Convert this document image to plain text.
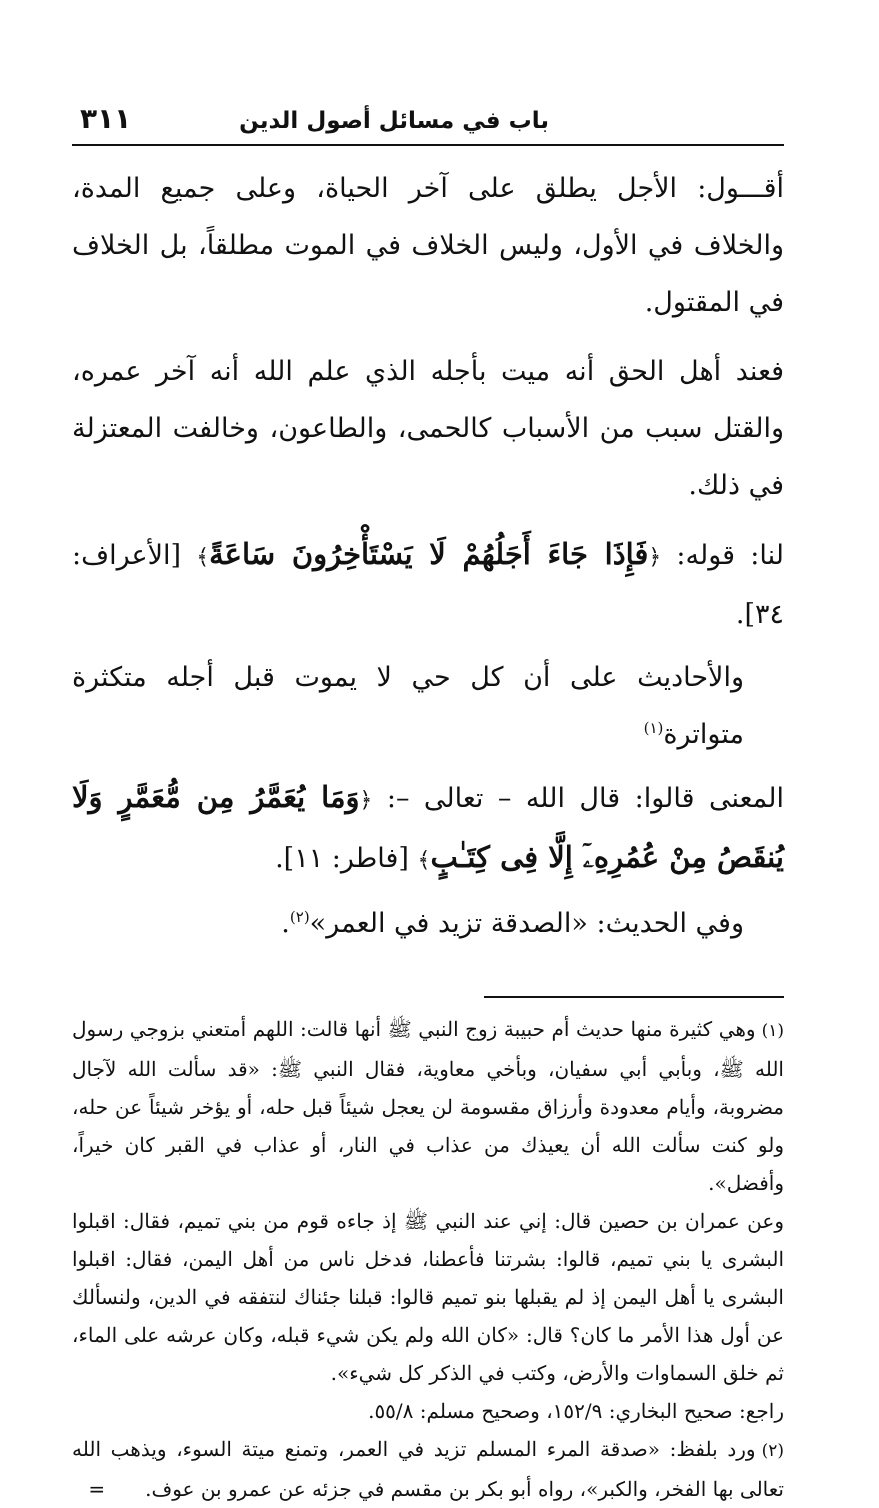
باب في مسائل أصول الدين
٣١١

أقـــول: الأجل يطلق على آخر الحياة، وعلى جميع المدة، والخلاف في الأول، وليس الخلاف في الموت مطلقاً، بل الخلاف في المقتول.

فعند أهل الحق أنه ميت بأجله الذي علم الله أنه آخر عمره، والقتل سبب من الأسباب كالحمى، والطاعون، وخالفت المعتزلة في ذلك.

لنا: قوله: ﴿فَإِذَا جَاءَ أَجَلُهُمْ لَا يَسْتَأْخِرُونَ سَاعَةً﴾ [الأعراف: ٣٤].

والأحاديث على أن كل حي لا يموت قبل أجله متكثرة متواترة$^{(١)}$

المعنى قالوا: قال الله – تعالى –: ﴿وَمَا يُعَمَّرُ مِن مُّعَمَّرٍ وَلَا يُنقَصُ مِنْ عُمُرِهِۦٓ إِلَّا فِى كِتَـٰبٍ﴾ [فاطر: ١١].

وفي الحديث: «الصدقة تزيد في العمر»$^{(٢)}$.

(١)وهي كثيرة منها حديث أم حبيبة زوج النبي ﷺ أنها قالت: اللهم أمتعني بزوجي رسول الله ﷺ، وبأبي أبي سفيان، وبأخي معاوية، فقال النبي ﷺ: «قد سألت الله لآجال مضروبة، وأيام معدودة وأرزاق مقسومة لن يعجل شيئاً قبل حله، أو يؤخر شيئاً عن حله، ولو كنت سألت الله أن يعيذك من عذاب في النار، أو عذاب في القبر كان خيراً، وأفضل».

وعن عمران بن حصين قال: إني عند النبي ﷺ إذ جاءه قوم من بني تميم، فقال: اقبلوا البشرى يا بني تميم، قالوا: بشرتنا فأعطنا، فدخل ناس من أهل اليمن، فقال: اقبلوا البشرى يا أهل اليمن إذ لم يقبلها بنو تميم قالوا: قبلنا جئناك لنتفقه في الدين، ولنسألك عن أول هذا الأمر ما كان؟ قال: «كان الله ولم يكن شيء قبله، وكان عرشه على الماء، ثم خلق السماوات والأرض، وكتب في الذكر كل شيء».

راجع: صحيح البخاري: ١٥٢/٩، وصحيح مسلم: ٥٥/٨.

(٢)ورد بلفظ: «صدقة المرء المسلم تزيد في العمر، وتمنع ميتة السوء، ويذهب الله تعالى بها الفخر، والكبر»، رواه أبو بكر بن مقسم في جزئه عن عمرو بن عوف.=
